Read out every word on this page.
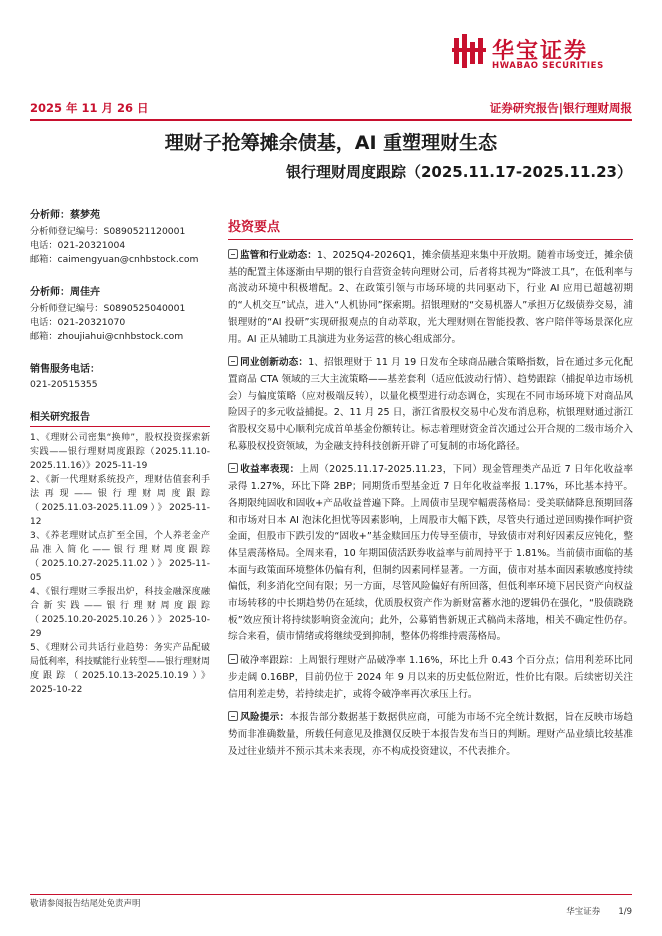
华宝证券
HWABAO SECURITIES
2025 年 11 月 26 日	证券研究报告|银行理财周报
理财子抢筹摊余债基，AI 重塑理财生态
银行理财周度跟踪（2025.11.17-2025.11.23）
分析师：蔡梦苑
分析师登记编号：S0890521120001
电话：021-20321004
邮箱：caimengyuan@cnhbstock.com
分析师：周佳卉
分析师登记编号：S0890525040001
电话：021-20321070
邮箱：zhoujiahui@cnhbstock.com
销售服务电话：
021-20515355
相关研究报告
1、《理财公司密集“换帅”，股权投资探索新实践——银行理财周度跟踪（2025.11.10-2025.11.16）》2025-11-19
2、《新一代理财系统投产，理财估值套利手法再现——银行理财周度跟踪（2025.11.03-2025.11.09）》2025-11-12
3、《养老理财试点扩至全国，个人养老金产品准入简化——银行理财周度跟踪（2025.10.27-2025.11.02）》2025-11-05
4、《银行理财三季报出炉，科技金融深度融合新实践——银行理财周度跟踪（2025.10.20-2025.10.26）》2025-10-29
5、《理财公司共话行业趋势：务实产品配破局低利率，科技赋能行业转型——银行理财周度跟踪（2025.10.13-2025.10.19）》2025-10-22
投资要点
监管和行业动态：1、2025Q4-2026Q1，摊余债基迎来集中开放期。随着市场变迁，摊余债基的配置主体逐渐由早期的银行自营资金转向理财公司，后者将其视为“降波工具”，在低利率与高波动环境中积极增配。2、在政策引领与市场环境的共同驱动下，行业 AI 应用已超越初期的“人机交互”试点，进入“人机协同”探索期。招银理财的“交易机器人”承担万亿级债券交易，浦银理财的“AI 投研”实现研报观点的自动萃取，光大理财则在智能投教、客户陪伴等场景深化应用。AI 正从辅助工具演进为业务运营的核心组成部分。
同业创新动态：1、招银理财于 11 月 19 日发布全球商品融合策略指数，旨在通过多元化配置商品 CTA 领域的三大主流策略——基差套利（适应低波动行情）、趋势跟踪（捕捉单边市场机会）与偏度策略（应对极端反转），以量化模型进行动态调仓，实现在不同市场环境下对商品风险因子的多元收益捕捉。2、11 月 25 日，浙江省股权交易中心发布消息称，杭银理财通过浙江省股权交易中心顺利完成首单基金份额转让。标志着理财资金首次通过公开合规的二级市场介入私募股权投资领域，为金融支持科技创新开辟了可复制的市场化路径。
收益率表现：上周（2025.11.17-2025.11.23，下同）现金管理类产品近 7 日年化收益率录得 1.27%，环比下降 2BP；同期货币型基金近 7 日年化收益率报 1.17%，环比基本持平。各期限纯固收和固收+产品收益普遍下降。上周债市呈现窄幅震荡格局：受美联储降息预期回落和市场对日本 AI 泡沫化担忧等因素影响，上周股市大幅下跌，尽管央行通过逆回购操作呵护资金面，但股市下跌引发的“固收+”基金赎回压力传导至债市，导致债市对利好因素反应钝化，整体呈震荡格局。全周来看，10 年期国债活跃券收益率与前周持平于 1.81%。当前债市面临的基本面与政策面环境整体仍偏有利，但制约因素同样显著。一方面，债市对基本面因素敏感度持续偏低，利多消化空间有限；另一方面，尽管风险偏好有所回落，但低利率环境下居民资产向权益市场转移的中长期趋势仍在延续，优质股权资产作为新财富蓄水池的逻辑仍在强化，“股债跷跷板”效应预计将持续影响资金流向；此外，公募销售新规正式稿尚未落地，相关不确定性仍存。综合来看，债市情绪或将继续受到抑制，整体仍将维持震荡格局。
破净率跟踪：上周银行理财产品破净率 1.16%，环比上升 0.43 个百分点；信用利差环比同步走阔 0.16BP，目前仍位于 2024 年 9 月以来的历史低位附近，性价比有限。后续密切关注信用利差走势，若持续走扩，或将令破净率再次承压上行。
风险提示：本报告部分数据基于数据供应商，可能为市场不完全统计数据，旨在反映市场趋势而非准确数量，所载任何意见及推测仅反映于本报告发布当日的判断。理财产品业绩比较基准及过往业绩并不预示其未来表现，亦不构成投资建议，不代表推介。
敬请参阅报告结尾处免责声明
华宝证券 1/9
